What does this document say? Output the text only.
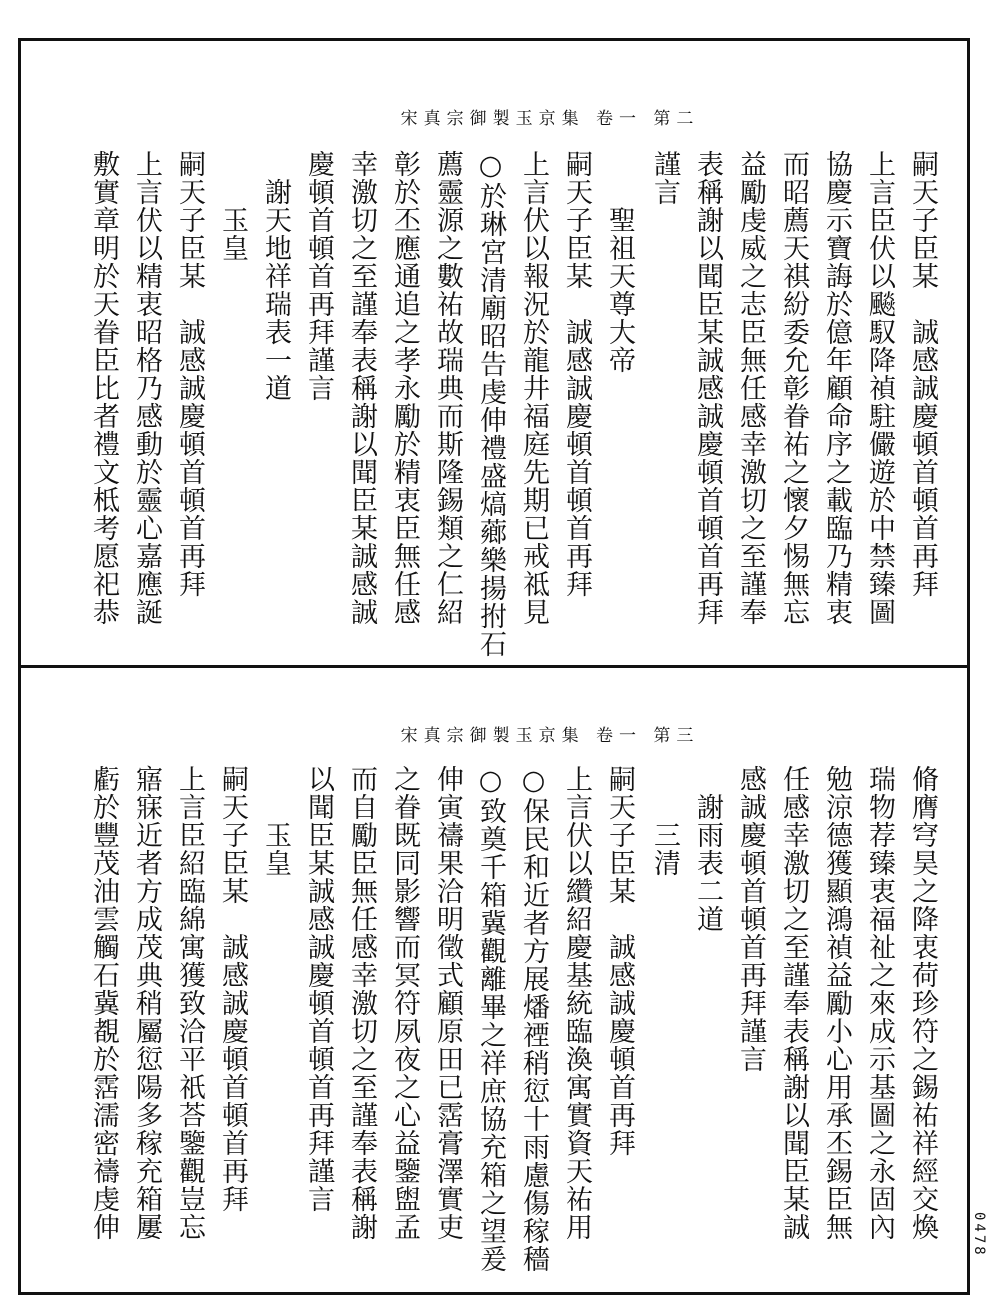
宋真宗御製玉京集 卷一 第二
宋真宗御製玉京集 卷一 第三
嗣天子臣某　誠感誠慶頓首頓首再拜
上言臣伏以飈馭降禎駐儼遊於中禁臻圖
協慶示寶誨於億年顧命序之載臨乃精衷
而昭薦天祺紛委允彰眷祐之懷夕惕無忘
益勵虔威之志臣無任感幸激切之至謹奉
表稱謝以聞臣某誠感誠慶頓首頓首再拜
謹言
　　聖祖天尊大帝
嗣天子臣某　誠感誠慶頓首頓首再拜
上言伏以報況於龍井福庭先期已戒祗見
○於琳宮清廟昭告虔伸禮盛熇薌樂揚拊石
薦靈源之數祐故瑞典而斯隆錫類之仁紹
彰於丕應通追之孝永勵於精衷臣無任感
幸激切之至謹奉表稱謝以聞臣某誠感誠
慶頓首頓首再拜謹言
　謝天地祥瑞表一道
　　玉皇
嗣天子臣某　誠感誠慶頓首頓首再拜
上言伏以精衷昭格乃感動於靈心嘉應誕
敷實章明於天眷臣比者禮文柢考愿祀恭
脩膺穹昊之降衷荷珍符之錫祐祥經交煥
瑞物荐臻衷福祉之來成示基圖之永固內
勉涼德獲顯鴻禎益勵小心用承丕錫臣無
任感幸激切之至謹奉表稱謝以聞臣某誠
感誠慶頓首頓首再拜謹言
　謝雨表二道
　　三清
嗣天子臣某　誠感誠慶頓首再拜
上言伏以纘紹慶基統臨渙寓實資天祐用
○保民和近者方展燔禋稍愆十雨慮傷稼穡
○致奠千箱冀觀離畢之祥庶協充箱之望爰
伸寅禱果洽明徵式顧原田已霑膏澤實吏
之眷既同影響而冥符夙夜之心益鑒盥孟
而自勵臣無任感幸激切之至謹奉表稱謝
以聞臣某誠感誠慶頓首頓首再拜謹言
　　玉皇
嗣天子臣某　誠感誠慶頓首頓首再拜
上言臣紹臨綿寓獲致洽平祇荅鑒觀豈忘
寤寐近者方成茂典稍屬愆陽多稼充箱屢
虧於豐茂油雲觸石冀覩於霑濡密禱虔伸	0478
